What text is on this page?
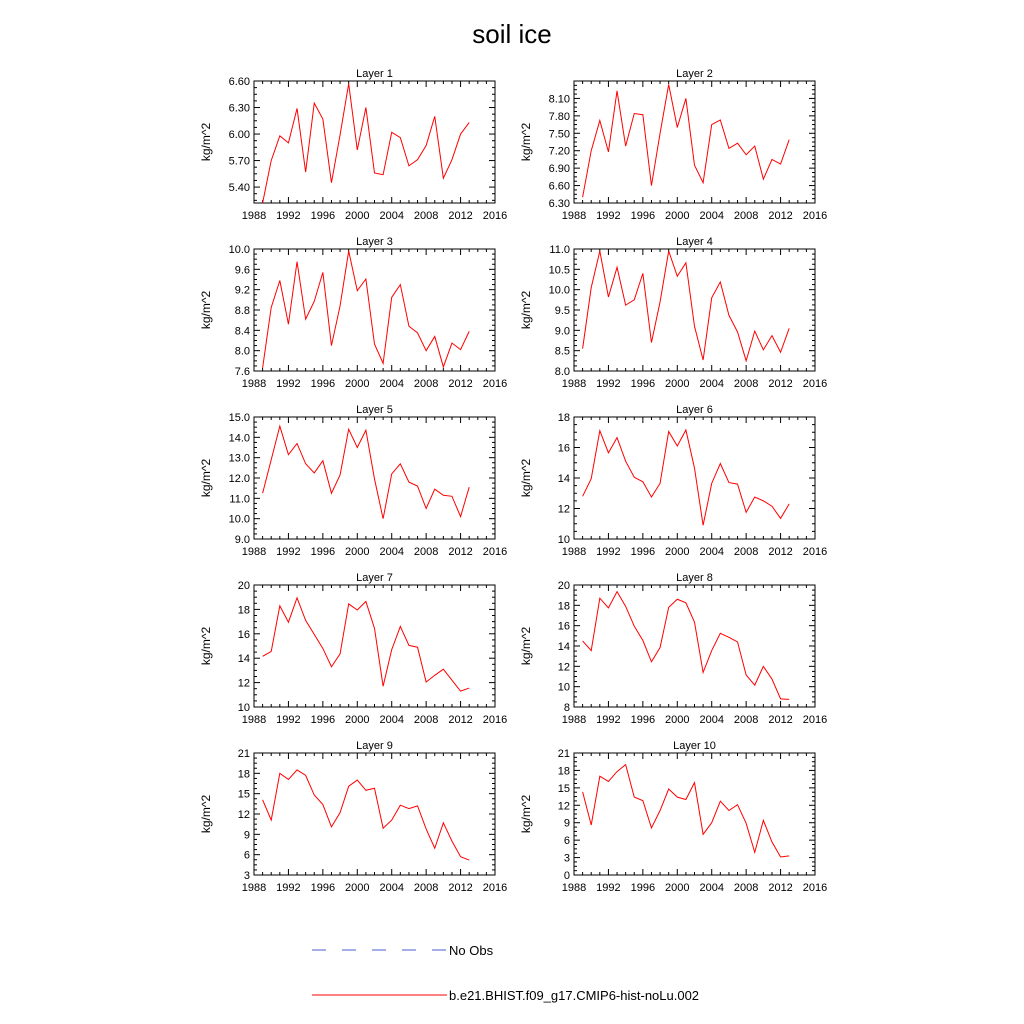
soil ice
Layer 1
1988 1992 1996 2000 2004 2008 2012 2016
5.40
5.70
6.00
6.30
6.60
kg/m^2
Layer 2
1988 1992 1996 2000 2004 2008 2012 2016
6.30
6.60
6.90
7.20
7.50
7.80
8.10
kg/m^2
Layer 3
1988 1992 1996 2000 2004 2008 2012 2016
7.6
8.0
8.4
8.8
9.2
9.6
10.0
kg/m^2
Layer 4
1988 1992 1996 2000 2004 2008 2012 2016
8.0
8.5
9.0
9.5
10.0
10.5
11.0
kg/m^2
Layer 5
1988 1992 1996 2000 2004 2008 2012 2016
9.0
10.0
11.0
12.0
13.0
14.0
15.0
kg/m^2
Layer 6
1988 1992 1996 2000 2004 2008 2012 2016
10
12
14
16
18
kg/m^2
Layer 7
1988 1992 1996 2000 2004 2008 2012 2016
10
12
14
16
18
20
kg/m^2
Layer 8
1988 1992 1996 2000 2004 2008 2012 2016
8
10
12
14
16
18
20
kg/m^2
Layer 9
1988 1992 1996 2000 2004 2008 2012 2016
3
6
9
12
15
18
21
kg/m^2
Layer 10
1988 1992 1996 2000 2004 2008 2012 2016
0
3
6
9
12
15
18
21
kg/m^2
No Obs
b.e21.BHIST.f09_g17.CMIP6-hist-noLu.002
